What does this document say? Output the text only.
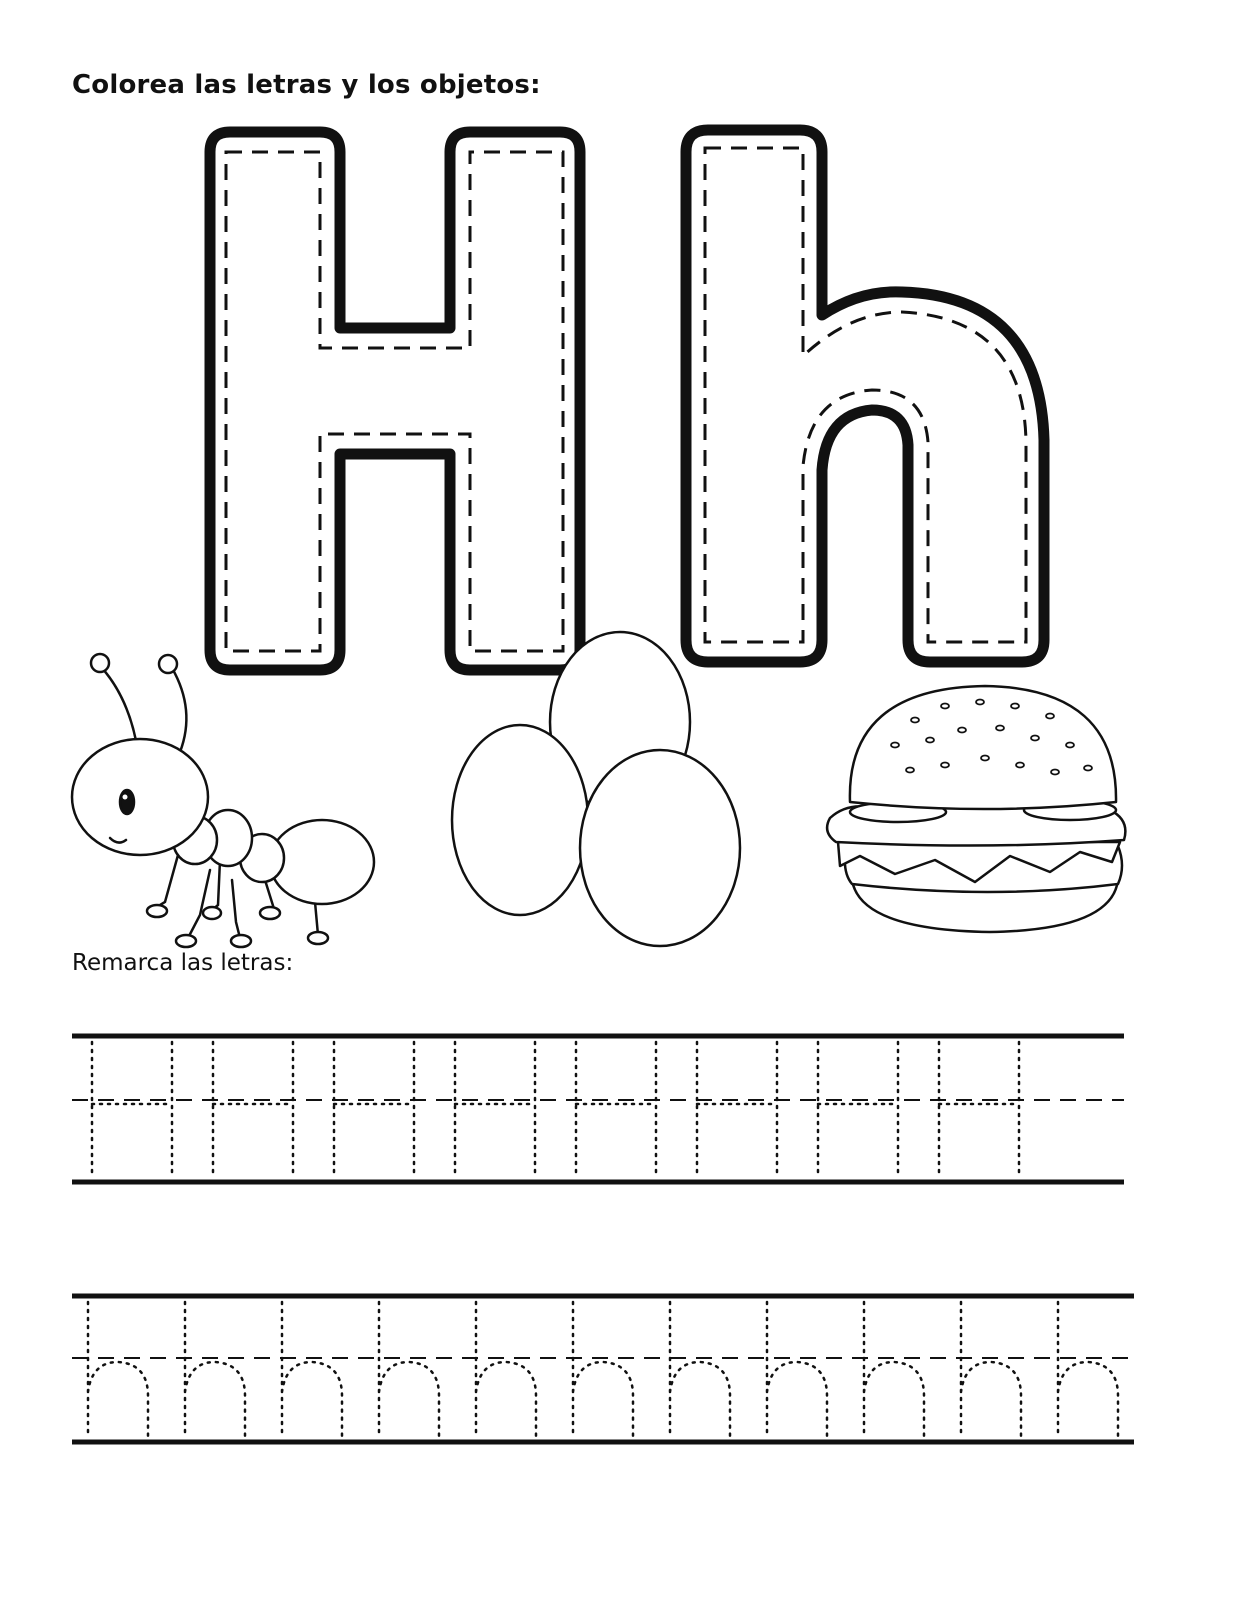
Colorea las letras y los objetos:
Remarca las letras:
